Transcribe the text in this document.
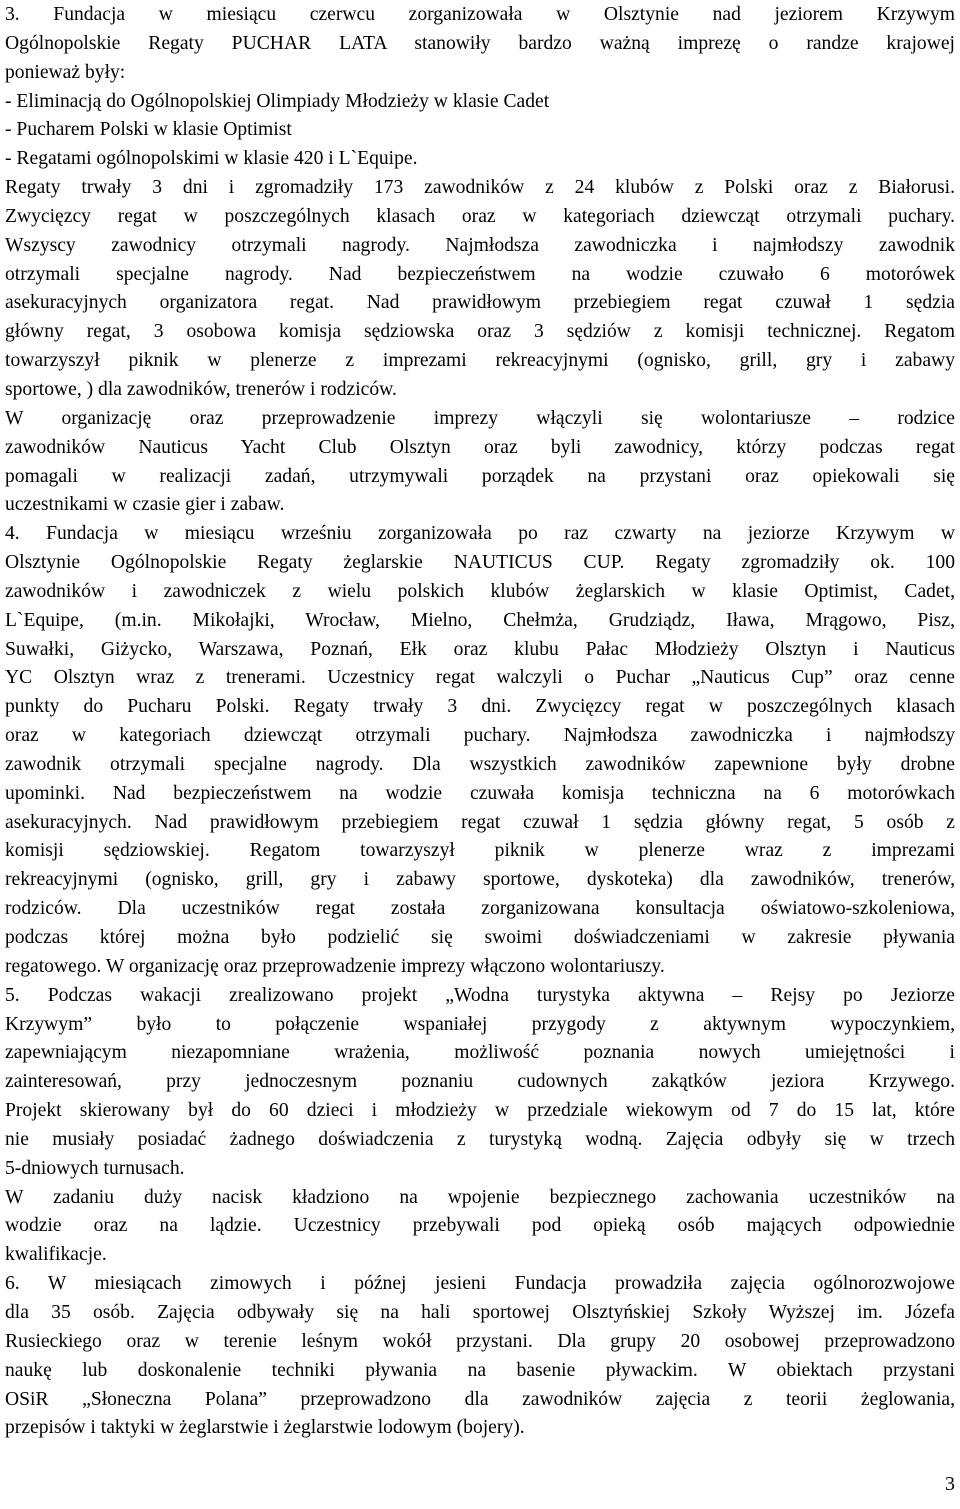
3. Fundacja w miesiącu czerwcu zorganizowała w Olsztynie nad jeziorem Krzywym
Ogólnopolskie Regaty PUCHAR LATA stanowiły bardzo ważną imprezę o randze krajowej
ponieważ były:
- Eliminacją do Ogólnopolskiej Olimpiady Młodzieży w klasie Cadet
- Pucharem Polski w klasie Optimist
- Regatami ogólnopolskimi w klasie 420 i L`Equipe.
Regaty trwały 3 dni i zgromadziły 173 zawodników z 24 klubów z Polski oraz z Białorusi.
Zwycięzcy regat w poszczególnych klasach oraz w kategoriach dziewcząt otrzymali puchary.
Wszyscy zawodnicy otrzymali nagrody. Najmłodsza zawodniczka i najmłodszy zawodnik
otrzymali specjalne nagrody. Nad bezpieczeństwem na wodzie czuwało 6 motorówek
asekuracyjnych organizatora regat. Nad prawidłowym przebiegiem regat czuwał 1 sędzia
główny regat, 3 osobowa komisja sędziowska oraz 3 sędziów z komisji technicznej. Regatom
towarzyszył piknik w plenerze z imprezami rekreacyjnymi (ognisko, grill, gry i zabawy
sportowe, ) dla zawodników, trenerów i rodziców.
W organizację oraz przeprowadzenie imprezy włączyli się wolontariusze – rodzice
zawodników Nauticus Yacht Club Olsztyn oraz byli zawodnicy, którzy podczas regat
pomagali w realizacji zadań, utrzymywali porządek na przystani oraz opiekowali się
uczestnikami w czasie gier i zabaw.
4. Fundacja w miesiącu wrześniu zorganizowała po raz czwarty na jeziorze Krzywym w
Olsztynie Ogólnopolskie Regaty żeglarskie NAUTICUS CUP. Regaty zgromadziły ok. 100
zawodników i zawodniczek z wielu polskich klubów żeglarskich w klasie Optimist, Cadet,
L`Equipe, (m.in. Mikołajki, Wrocław, Mielno, Chełmża, Grudziądz, Iława, Mrągowo, Pisz,
Suwałki, Giżycko, Warszawa, Poznań, Ełk oraz klubu Pałac Młodzieży Olsztyn i Nauticus
YC Olsztyn wraz z trenerami. Uczestnicy regat walczyli o Puchar „Nauticus Cup” oraz cenne
punkty do Pucharu Polski. Regaty trwały 3 dni. Zwycięzcy regat w poszczególnych klasach
oraz w kategoriach dziewcząt otrzymali puchary. Najmłodsza zawodniczka i najmłodszy
zawodnik otrzymali specjalne nagrody. Dla wszystkich zawodników zapewnione były drobne
upominki. Nad bezpieczeństwem na wodzie czuwała komisja techniczna na 6 motorówkach
asekuracyjnych. Nad prawidłowym przebiegiem regat czuwał 1 sędzia główny regat, 5 osób z
komisji sędziowskiej. Regatom towarzyszył piknik w plenerze wraz z imprezami
rekreacyjnymi (ognisko, grill, gry i zabawy sportowe, dyskoteka) dla zawodników, trenerów,
rodziców. Dla uczestników regat została zorganizowana konsultacja oświatowo-szkoleniowa,
podczas której można było podzielić się swoimi doświadczeniami w zakresie pływania
regatowego. W organizację oraz przeprowadzenie imprezy włączono wolontariuszy.
5. Podczas wakacji zrealizowano projekt „Wodna turystyka aktywna – Rejsy po Jeziorze
Krzywym” było to połączenie wspaniałej przygody z aktywnym wypoczynkiem,
zapewniającym niezapomniane wrażenia, możliwość poznania nowych umiejętności i
zainteresowań, przy jednoczesnym poznaniu cudownych zakątków jeziora Krzywego.
Projekt skierowany był do 60 dzieci i młodzieży w przedziale wiekowym od 7 do 15 lat, które
nie musiały posiadać żadnego doświadczenia z turystyką wodną. Zajęcia odbyły się w trzech
5-dniowych turnusach.
W zadaniu duży nacisk kładziono na wpojenie bezpiecznego zachowania uczestników na
wodzie oraz na lądzie. Uczestnicy przebywali pod opieką osób mających odpowiednie
kwalifikacje.
6. W miesiącach zimowych i późnej jesieni Fundacja prowadziła zajęcia ogólnorozwojowe
dla 35 osób. Zajęcia odbywały się na hali sportowej Olsztyńskiej Szkoły Wyższej im. Józefa
Rusieckiego oraz w terenie leśnym wokół przystani. Dla grupy 20 osobowej przeprowadzono
naukę lub doskonalenie techniki pływania na basenie pływackim. W obiektach przystani
OSiR „Słoneczna Polana” przeprowadzono dla zawodników zajęcia z teorii żeglowania,
przepisów i taktyki w żeglarstwie i żeglarstwie lodowym (bojery).
3
